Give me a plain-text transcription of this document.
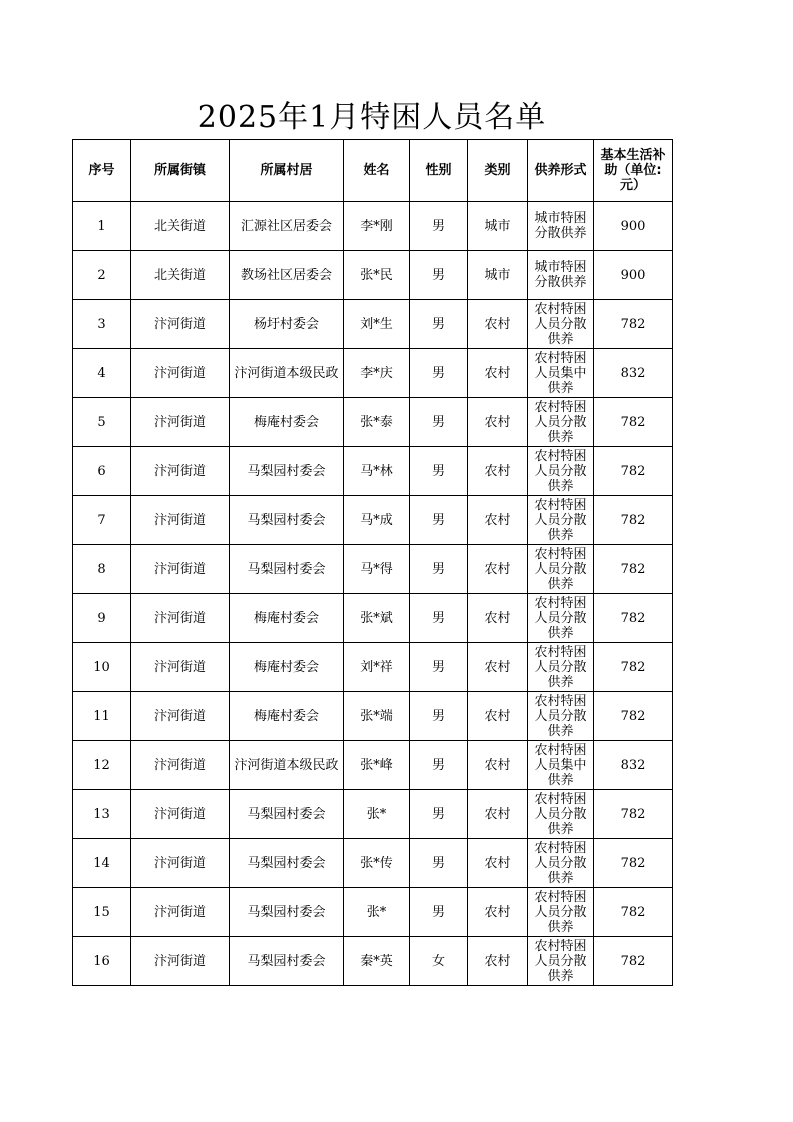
2025年1月特困人员名单
序号	所属街镇	所属村居	姓名	性别	类别	供养形式	基本生活补助（单位:元）

1	北关街道	汇源社区居委会	李*刚	男	城市	城市特困分散供养	900

2	北关街道	教场社区居委会	张*民	男	城市	城市特困分散供养	900

3	汴河街道	杨圩村委会	刘*生	男	农村	农村特困人员分散供养	782

4	汴河街道	汴河街道本级民政	李*庆	男	农村	农村特困人员集中供养	832

5	汴河街道	梅庵村委会	张*泰	男	农村	农村特困人员分散供养	782

6	汴河街道	马梨园村委会	马*林	男	农村	农村特困人员分散供养	782

7	汴河街道	马梨园村委会	马*成	男	农村	农村特困人员分散供养	782

8	汴河街道	马梨园村委会	马*得	男	农村	农村特困人员分散供养	782

9	汴河街道	梅庵村委会	张*斌	男	农村	农村特困人员分散供养	782

10	汴河街道	梅庵村委会	刘*祥	男	农村	农村特困人员分散供养	782

11	汴河街道	梅庵村委会	张*端	男	农村	农村特困人员分散供养	782

12	汴河街道	汴河街道本级民政	张*峰	男	农村	农村特困人员集中供养	832

13	汴河街道	马梨园村委会	张*	男	农村	农村特困人员分散供养	782

14	汴河街道	马梨园村委会	张*传	男	农村	农村特困人员分散供养	782

15	汴河街道	马梨园村委会	张*	男	农村	农村特困人员分散供养	782

16	汴河街道	马梨园村委会	秦*英	女	农村	农村特困人员分散供养	782
